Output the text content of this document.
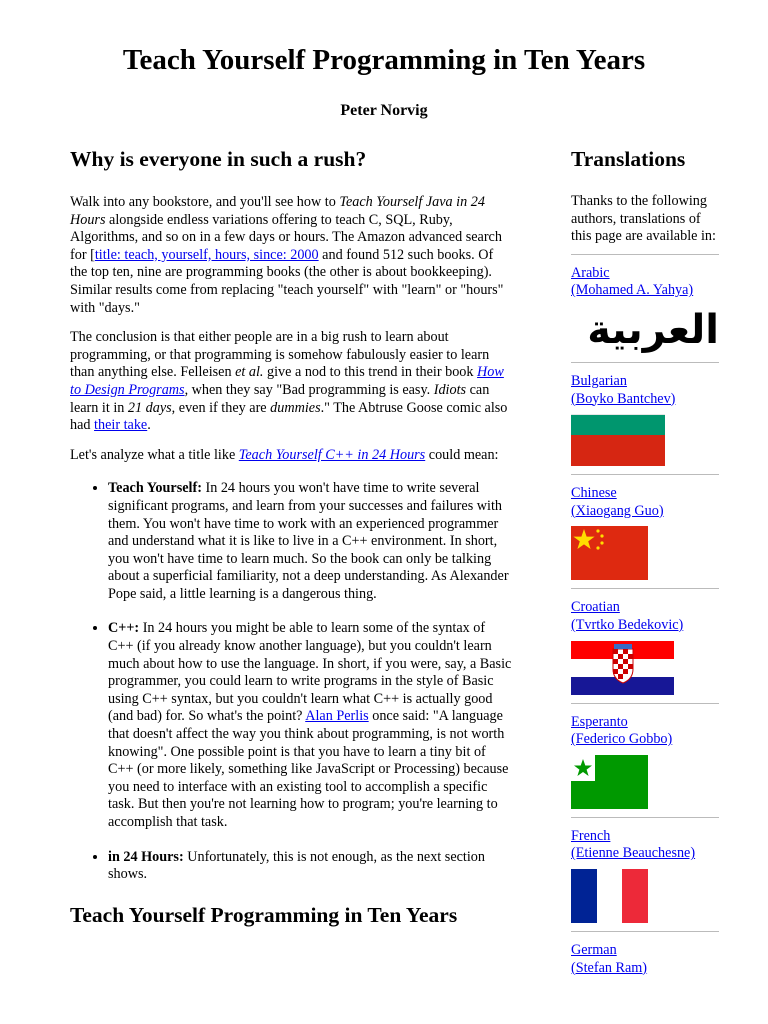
Teach Yourself Programming in Ten Years
Peter Norvig
Why is everyone in such a rush?

Walk into any bookstore, and you'll see how to Teach Yourself Java in 24 Hours alongside endless variations offering to teach C, SQL, Ruby, Algorithms, and so on in a few days or hours. The Amazon advanced search for [title: teach, yourself, hours, since: 2000 and found 512 such books. Of the top ten, nine are programming books (the other is about bookkeeping). Similar results come from replacing "teach yourself" with "learn" or "hours" with "days."

The conclusion is that either people are in a big rush to learn about programming, or that programming is somehow fabulously easier to learn than anything else. Felleisen et al. give a nod to this trend in their book How to Design Programs, when they say "Bad programming is easy. Idiots can learn it in 21 days, even if they are dummies." The Abtruse Goose comic also had their take.

Let's analyze what a title like Teach Yourself C++ in 24 Hours could mean:

• Teach Yourself: In 24 hours you won't have time to write several significant programs, and learn from your successes and failures with them. You won't have time to work with an experienced programmer and understand what it is like to live in a C++ environment. In short, you won't have time to learn much. So the book can only be talking about a superficial familiarity, not a deep understanding. As Alexander Pope said, a little learning is a dangerous thing.
• C++: In 24 hours you might be able to learn some of the syntax of C++ (if you already know another language), but you couldn't learn much about how to use the language. In short, if you were, say, a Basic programmer, you could learn to write programs in the style of Basic using C++ syntax, but you couldn't learn what C++ is actually good (and bad) for. So what's the point? Alan Perlis once said: "A language that doesn't affect the way you think about programming, is not worth knowing". One possible point is that you have to learn a tiny bit of C++ (or more likely, something like JavaScript or Processing) because you need to interface with an existing tool to accomplish a specific task. But then you're not learning how to program; you're learning to accomplish that task.
• in 24 Hours: Unfortunately, this is not enough, as the next section shows.
Teach Yourself Programming in Ten Years
Translations

Thanks to the following authors, translations of this page are available in:

Arabic
(Mohamed A. Yahya)
العربية
Bulgarian
(Boyko Bantchev)
Chinese
(Xiaogang Guo)
Croatian
(Tvrtko Bedekovic)
Esperanto
(Federico Gobbo)
French
(Etienne Beauchesne)
German
(Stefan Ram)
